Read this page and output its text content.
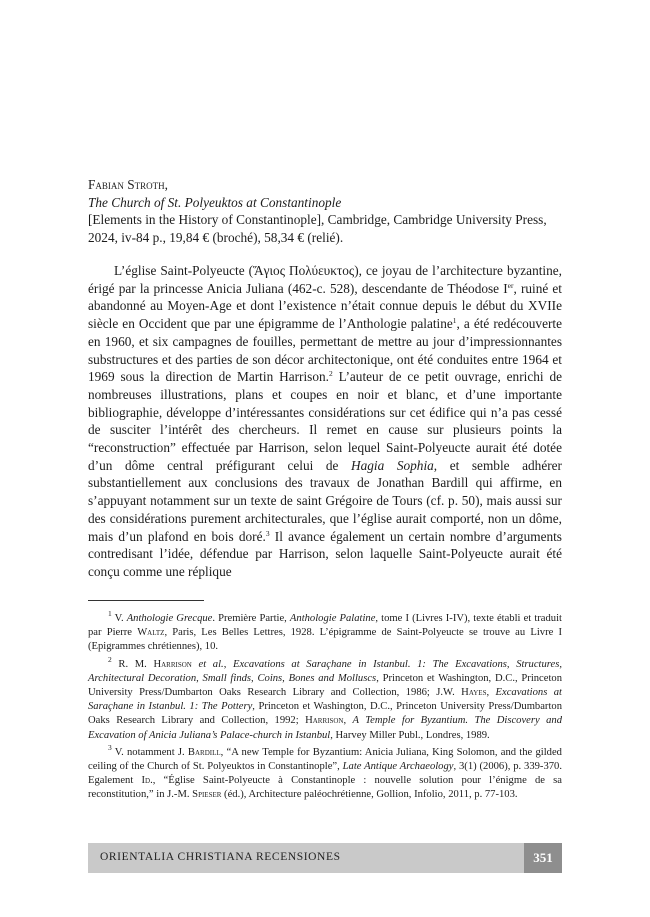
Fabian Stroth,
The Church of St. Polyeuktos at Constantinople
[Elements in the History of Constantinople], Cambridge, Cambridge University Press, 2024, iv-84 p., 19,84 € (broché), 58,34 € (relié).

L’église Saint-Polyeucte (Ἅγιος Πολύευκτος), ce joyau de l’architecture byzantine, érigé par la princesse Anicia Juliana (462-c. 528), descendante de Théodose Ier, ruiné et abandonné au Moyen-Age et dont l’existence n’était connue depuis le début du XVIIe siècle en Occident que par une épigramme de l’Anthologie palatine$^1$, a été redécouverte en 1960, et six campagnes de fouilles, permettant de mettre au jour d’impressionnantes substructures et des parties de son décor architectonique, ont été conduites entre 1964 et 1969 sous la direction de Martin Harrison.$^2$ L’auteur de ce petit ouvrage, enrichi de nombreuses illustrations, plans et coupes en noir et blanc, et d’une importante bibliographie, développe d’intéressantes considérations sur cet édifice qui n’a pas cessé de susciter l’intérêt des chercheurs. Il remet en cause sur plusieurs points la “reconstruction” effectuée par Harrison, selon lequel Saint-Polyeucte aurait été dotée d’un dôme central préfigurant celui de Hagia Sophia, et semble adhérer substantiellement aux conclusions des travaux de Jonathan Bardill qui affirme, en s’appuyant notamment sur un texte de saint Grégoire de Tours (cf. p. 50), mais aussi sur des considérations purement architecturales, que l’église aurait comporté, non un dôme, mais d’un plafond en bois doré.$^3$ Il avance également un certain nombre d’arguments contredisant l’idée, défendue par Harrison, selon laquelle Saint-Polyeucte aurait été conçu comme une réplique

$^1$ V. Anthologie Grecque. Première Partie, Anthologie Palatine, tome I (Livres I-IV), texte établi et traduit par Pierre Waltz, Paris, Les Belles Lettres, 1928. L’épigramme de Saint-Polyeucte se trouve au Livre I (Epigrammes chrétiennes), 10.

$^2$ R. M. Harrison et al., Excavations at Saraçhane in Istanbul. 1: The Excavations, Structures, Architectural Decoration, Small finds, Coins, Bones and Molluscs, Princeton et Washington, D.C., Princeton University Press/Dumbarton Oaks Research Library and Collection, 1986; J.W. Hayes, Excavations at Saraçhane in Istanbul. 1: The Pottery, Princeton et Washington, D.C., Princeton University Press/Dumbarton Oaks Research Library and Collection, 1992; Harrison, A Temple for Byzantium. The Discovery and Excavation of Anicia Juliana’s Palace-church in Istanbul, Harvey Miller Publ., Londres, 1989.

$^3$ V. notamment J. Bardill, “A new Temple for Byzantium: Anicia Juliana, King Solomon, and the gilded ceiling of the Church of St. Polyeuktos in Constantinople”, Late Antique Archaeology, 3(1) (2006), p. 339-370. Egalement Id., “Église Saint-Polyeucte à Constantinople : nouvelle solution pour l’énigme de sa reconstitution,” in J.-M. Spieser (éd.), Architecture paléochrétienne, Gollion, Infolio, 2011, p. 77-103.

ORIENTALIA CHRISTIANA RECENSIONES	351
